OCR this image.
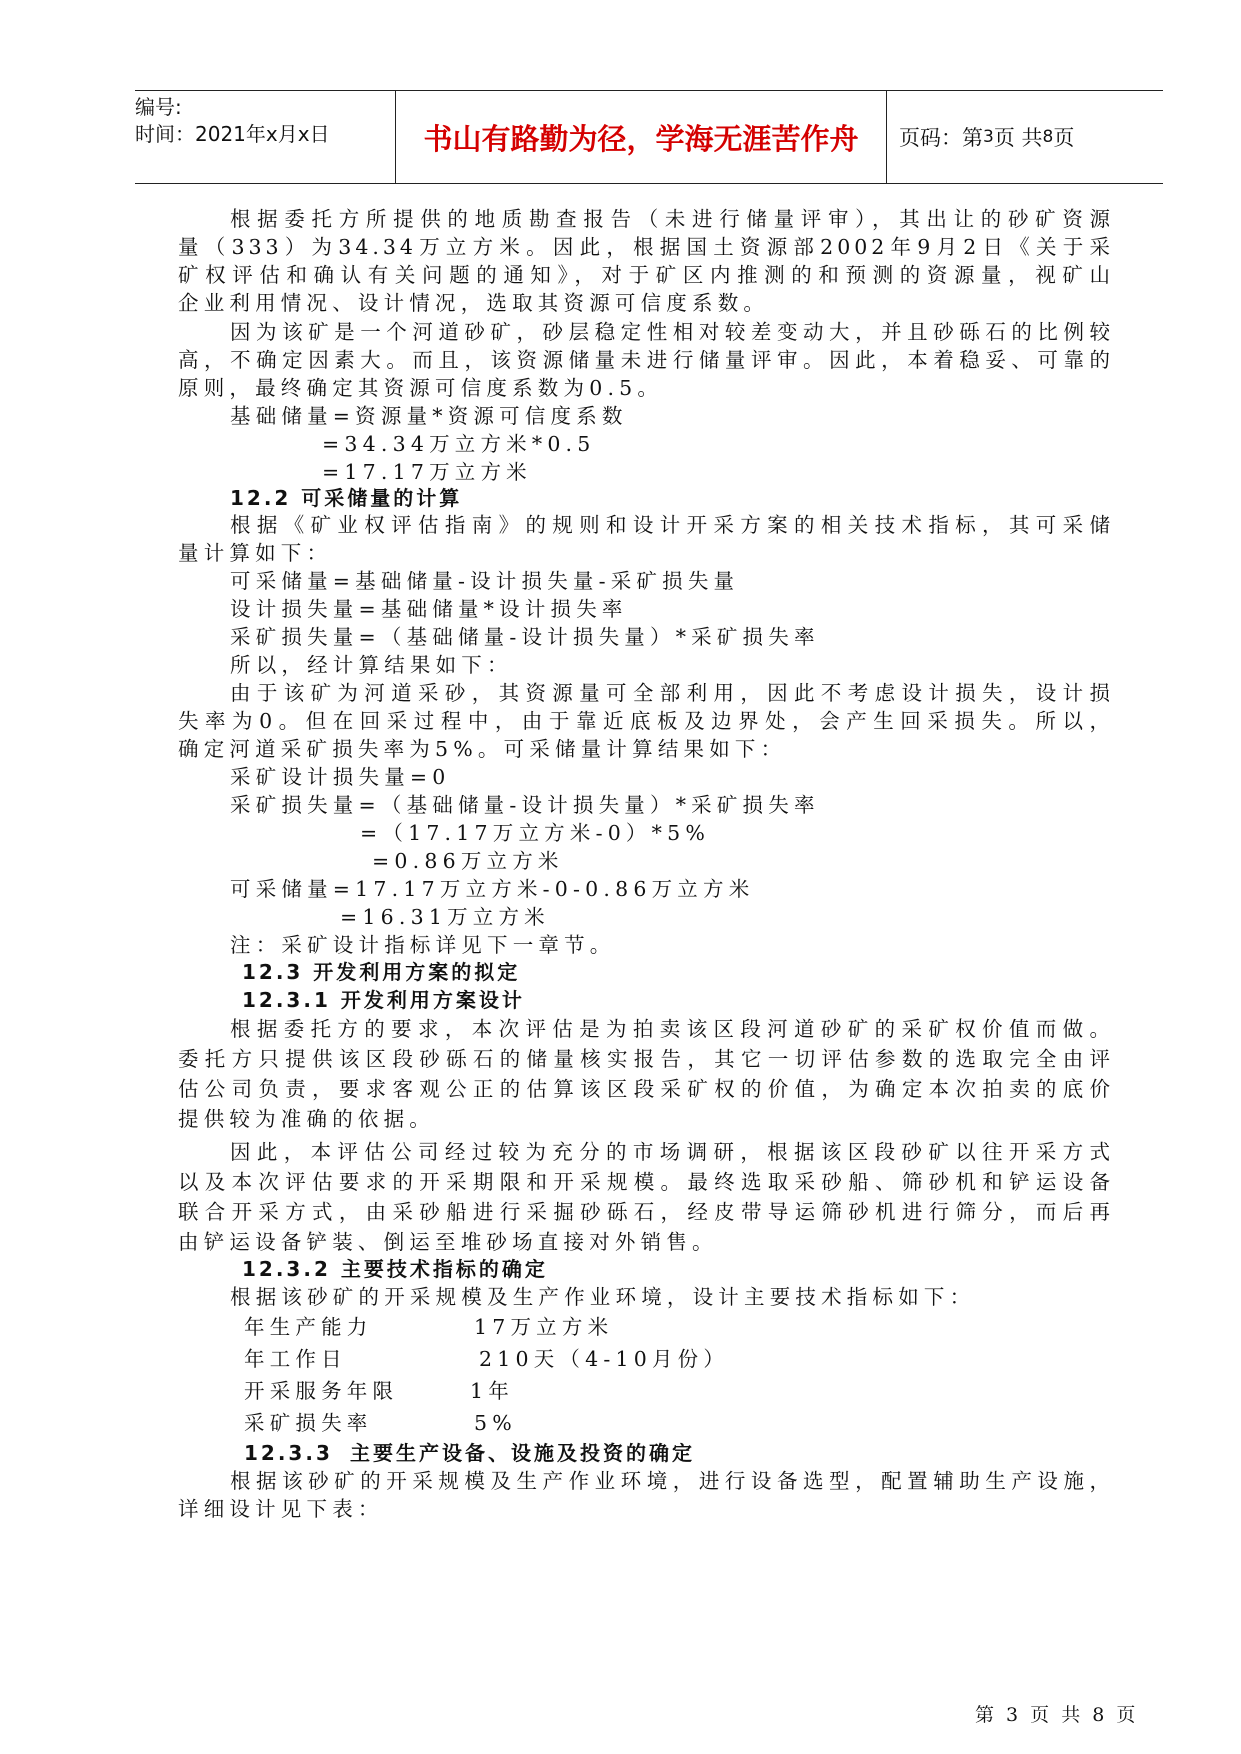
编号:
时间：2021年x月x日	书山有路勤为径，学海无涯苦作舟	页码：第 3 页 共 8 页
根据委托方所提供的地质勘查报告（未进行储量评审），其出让的砂矿资源
量（333）为34.34万立方米。因此，根据国土资源部2002年9月2日《关于采
矿权评估和确认有关问题的通知》，对于矿区内推测的和预测的资源量，视矿山
企业利用情况、设计情况，选取其资源可信度系数。
因为该矿是一个河道砂矿，砂层稳定性相对较差变动大，并且砂砾石的比例较
高，不确定因素大。而且，该资源储量未进行储量评审。因此，本着稳妥、可靠的
原则，最终确定其资源可信度系数为0.5。
基础储量=资源量*资源可信度系数
=34.34万立方米*0.5
=17.17万立方米
12.2 可采储量的计算
根据《矿业权评估指南》的规则和设计开采方案的相关技术指标，其可采储
量计算如下：
可采储量=基础储量-设计损失量-采矿损失量
设计损失量=基础储量*设计损失率
采矿损失量=（基础储量-设计损失量）*采矿损失率
所以，经计算结果如下：
由于该矿为河道采砂，其资源量可全部利用，因此不考虑设计损失，设计损
失率为0。但在回采过程中，由于靠近底板及边界处，会产生回采损失。所以，
确定河道采矿损失率为5%。可采储量计算结果如下：
采矿设计损失量=0
采矿损失量=（基础储量-设计损失量）*采矿损失率
=（17.17万立方米-0）*5%
=0.86万立方米
可采储量=17.17万立方米-0-0.86万立方米
=16.31万立方米
注：采矿设计指标详见下一章节。
12.3 开发利用方案的拟定
12.3.1 开发利用方案设计
根据委托方的要求，本次评估是为拍卖该区段河道砂矿的采矿权价值而做。
委托方只提供该区段砂砾石的储量核实报告，其它一切评估参数的选取完全由评
估公司负责，要求客观公正的估算该区段采矿权的价值，为确定本次拍卖的底价
提供较为准确的依据。
因此，本评估公司经过较为充分的市场调研，根据该区段砂矿以往开采方式
以及本次评估要求的开采期限和开采规模。最终选取采砂船、筛砂机和铲运设备
联合开采方式，由采砂船进行采掘砂砾石，经皮带导运筛砂机进行筛分，而后再
由铲运设备铲装、倒运至堆砂场直接对外销售。
12.3.2 主要技术指标的确定
根据该砂矿的开采规模及生产作业环境，设计主要技术指标如下：
年生产能力	17万立方米
年工作日	210天（4-10月份）
开采服务年限	1年
采矿损失率	5%
12.3.3 主要生产设备、设施及投资的确定
根据该砂矿的开采规模及生产作业环境，进行设备选型，配置辅助生产设施，
详细设计见下表：
第 3 页 共 8 页
